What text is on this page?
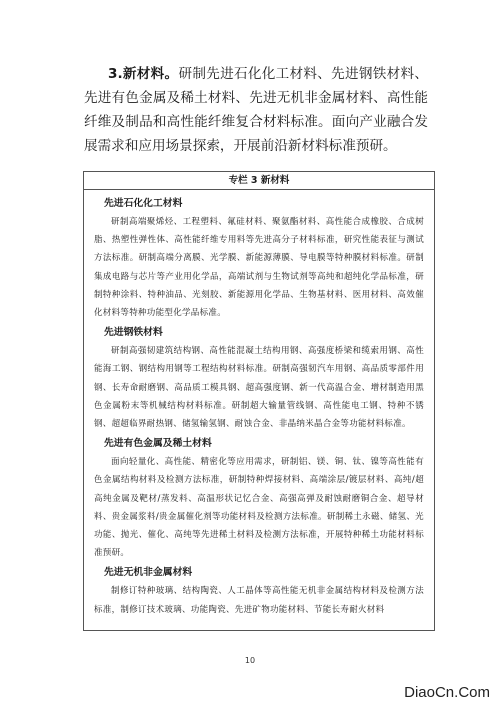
3.新材料。研制先进石化化工材料、先进钢铁材料、先进有色金属及稀土材料、先进无机非金属材料、高性能纤维及制品和高性能纤维复合材料标准。面向产业融合发展需求和应用场景探索，开展前沿新材料标准预研。

专栏 3 新材料
先进石化化工材料

研制高端聚烯烃、工程塑料、氟硅材料、聚氨酯材料、高性能合成橡胶、合成树脂、热塑性弹性体、高性能纤维专用料等先进高分子材料标准，研究性能表征与测试方法标准。研制高端分离膜、光学膜、新能源薄膜、导电膜等特种膜材料标准。研制集成电路与芯片等产业用化学品，高端试剂与生物试剂等高纯和超纯化学品标准，研制特种涂料、特种油品、光刻胶、新能源用化学品、生物基材料、医用材料、高效催化材料等特种功能型化学品标准。

先进钢铁材料

研制高强韧建筑结构钢、高性能混凝土结构用钢、高强度桥梁和缆索用钢、高性能海工钢、钢结构用钢等工程结构材料标准。研制高强韧汽车用钢、高品质零部件用钢、长寿命耐磨钢、高品质工模具钢、超高强度钢、新一代高温合金、增材制造用黑色金属粉末等机械结构材料标准。研制超大输量管线钢、高性能电工钢、特种不锈钢、超超临界耐热钢、储氢输氢钢、耐蚀合金、非晶纳米晶合金等功能材料标准。

先进有色金属及稀土材料

面向轻量化、高性能、精密化等应用需求，研制铝、镁、铜、钛、镍等高性能有色金属结构材料及检测方法标准，研制特种焊接材料、高端涂层/镀层材料、高纯/超高纯金属及靶材/蒸发料、高温形状记忆合金、高强高弹及耐蚀耐磨铜合金、超导材料、贵金属浆料/贵金属催化剂等功能材料及检测方法标准。研制稀土永磁、储氢、光功能、抛光、催化、高纯等先进稀土材料及检测方法标准，开展特种稀土功能材料标准预研。

先进无机非金属材料

制修订特种玻璃、结构陶瓷、人工晶体等高性能无机非金属结构材料及检测方法标准，制修订技术玻璃、功能陶瓷、先进矿物功能材料、节能长寿耐火材料

10
DiaoCn.Com
